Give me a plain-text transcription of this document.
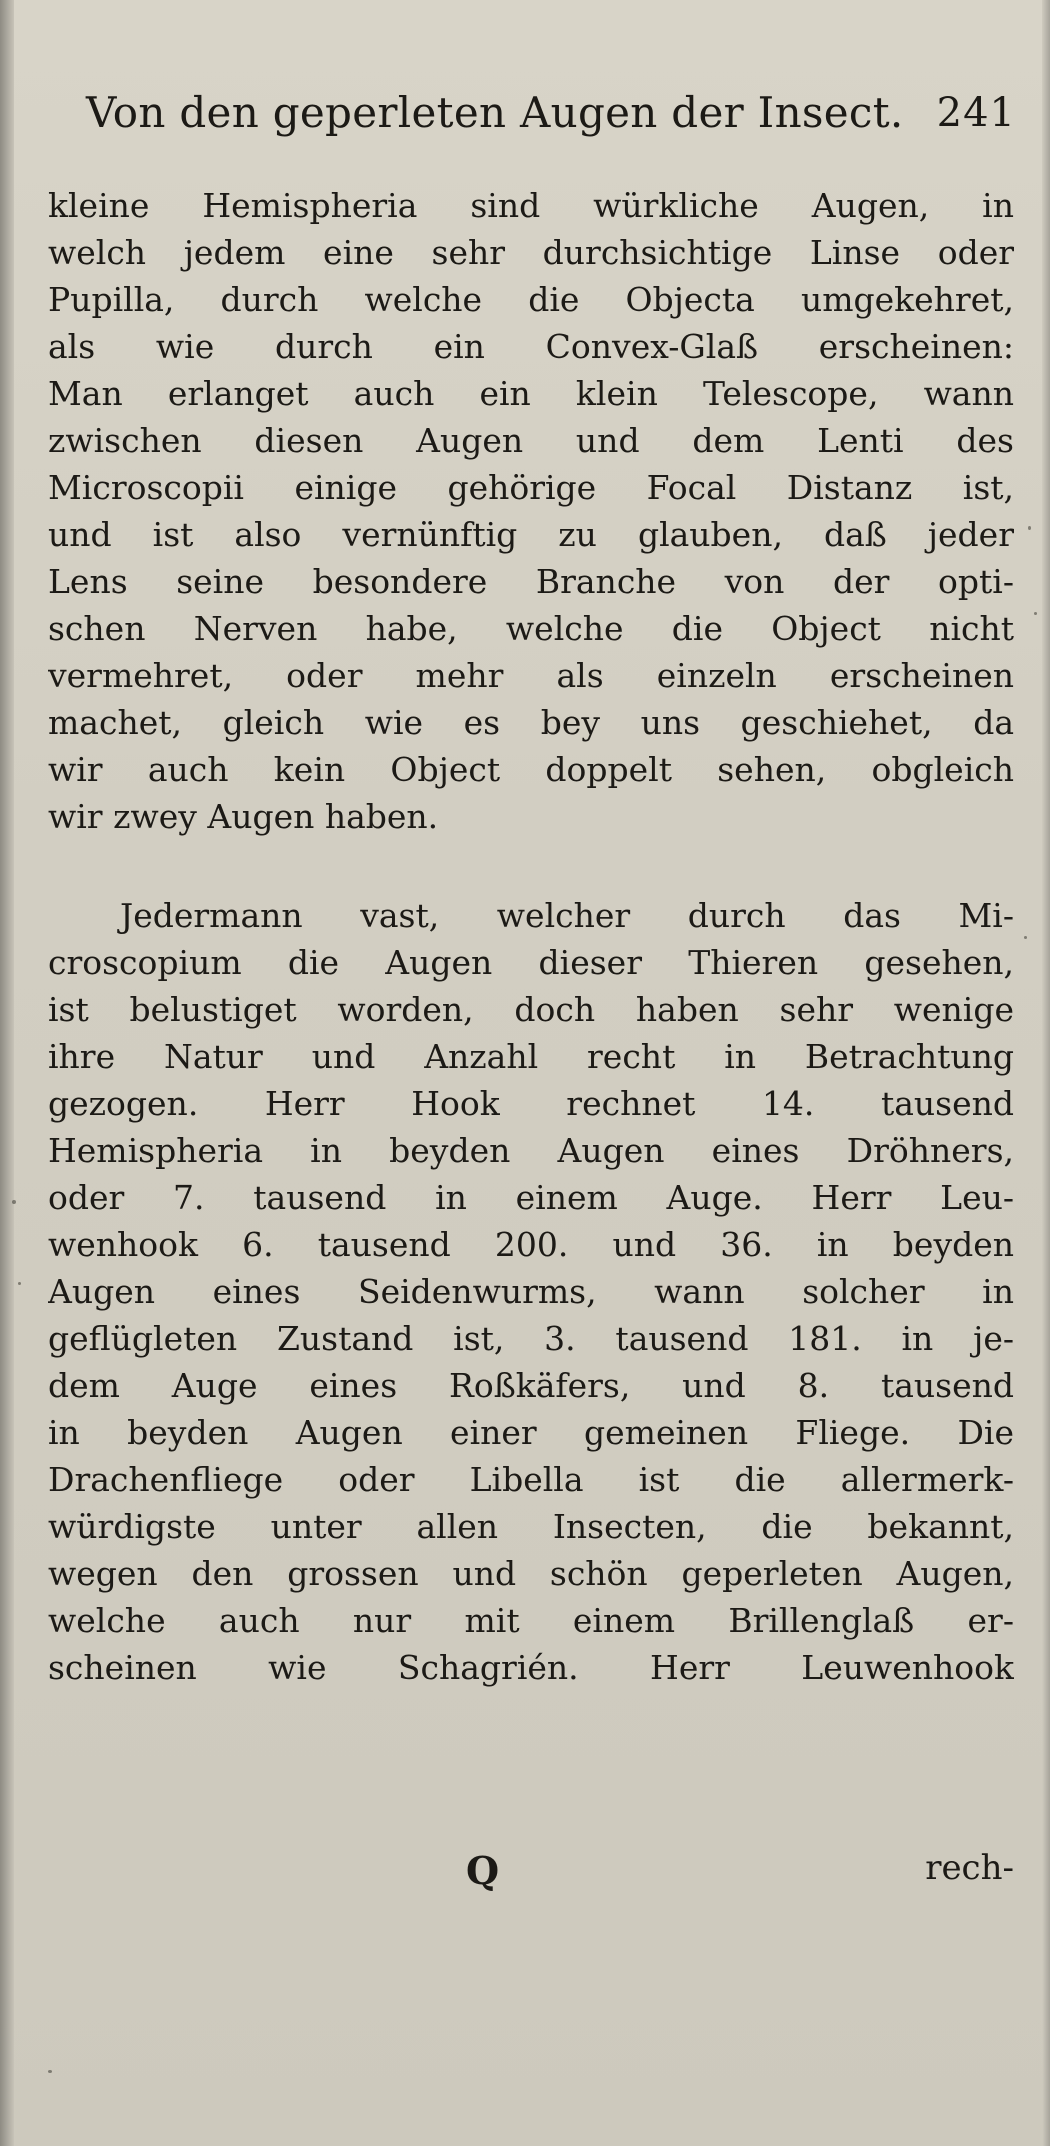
Von den geperleten Augen der Insect. 241
kleine Hemispheria sind würkliche Augen, in
welch jedem eine sehr durchsichtige Linse oder
Pupilla, durch welche die Objecta umgekehret,
als wie durch ein Convex-Glaß erscheinen:
Man erlanget auch ein klein Telescope, wann
zwischen diesen Augen und dem Lenti des
Microscopii einige gehörige Focal Distanz ist,
und ist also vernünftig zu glauben, daß jeder
Lens seine besondere Branche von der opti-
schen Nerven habe, welche die Object nicht
vermehret, oder mehr als einzeln erscheinen
machet, gleich wie es bey uns geschiehet, da
wir auch kein Object doppelt sehen, obgleich
wir zwey Augen haben.
Jedermann vast, welcher durch das Mi-
croscopium die Augen dieser Thieren gesehen,
ist belustiget worden, doch haben sehr wenige
ihre Natur und Anzahl recht in Betrachtung
gezogen. Herr Hook rechnet 14. tausend
Hemispheria in beyden Augen eines Dröhners,
oder 7. tausend in einem Auge. Herr Leu-
wenhook 6. tausend 200. und 36. in beyden
Augen eines Seidenwurms, wann solcher in
geflügleten Zustand ist, 3. tausend 181. in je-
dem Auge eines Roßkäfers, und 8. tausend
in beyden Augen einer gemeinen Fliege. Die
Drachenfliege oder Libella ist die allermerk-
würdigste unter allen Insecten, die bekannt,
wegen den grossen und schön geperleten Augen,
welche auch nur mit einem Brillenglaß er-
scheinen wie Schagrién. Herr Leuwenhook
Q	rech-
